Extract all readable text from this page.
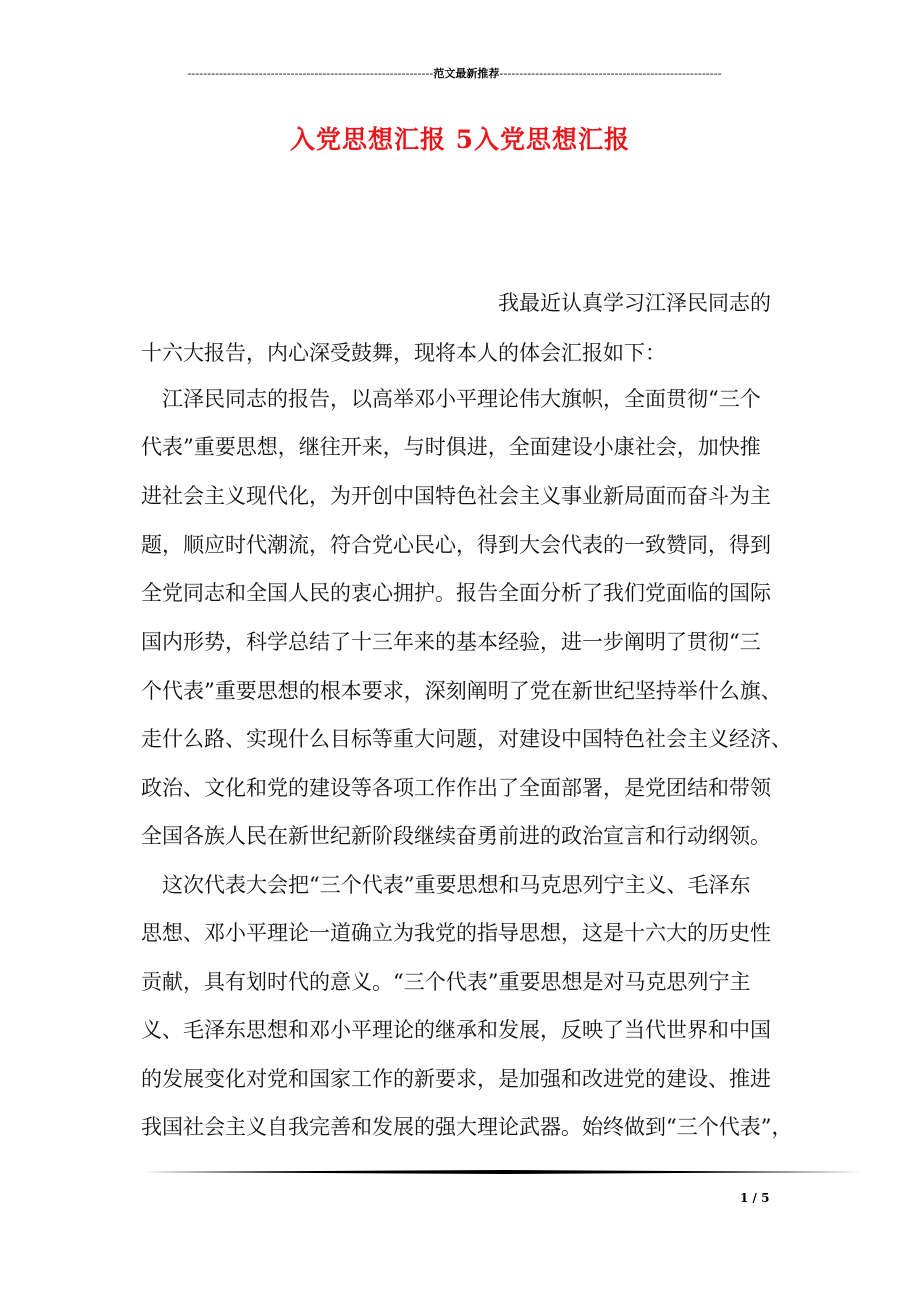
--------------------------------------------------------------范文最新推荐--------------------------------------------------------
入党思想汇报 5入党思想汇报
我最近认真学习江泽民同志的
十六大报告，内心深受鼓舞，现将本人的体会汇报如下：
江泽民同志的报告，以高举邓小平理论伟大旗帜，全面贯彻“三个
代表”重要思想，继往开来，与时俱进，全面建设小康社会，加快推
进社会主义现代化，为开创中国特色社会主义事业新局面而奋斗为主
题，顺应时代潮流，符合党心民心，得到大会代表的一致赞同，得到
全党同志和全国人民的衷心拥护。报告全面分析了我们党面临的国际
国内形势，科学总结了十三年来的基本经验，进一步阐明了贯彻“三
个代表”重要思想的根本要求，深刻阐明了党在新世纪坚持举什么旗、
走什么路、实现什么目标等重大问题，对建设中国特色社会主义经济、
政治、文化和党的建设等各项工作作出了全面部署，是党团结和带领
全国各族人民在新世纪新阶段继续奋勇前进的政治宣言和行动纲领。
这次代表大会把“三个代表”重要思想和马克思列宁主义、毛泽东
思想、邓小平理论一道确立为我党的指导思想，这是十六大的历史性
贡献，具有划时代的意义。“三个代表”重要思想是对马克思列宁主
义、毛泽东思想和邓小平理论的继承和发展，反映了当代世界和中国
的发展变化对党和国家工作的新要求，是加强和改进党的建设、推进
我国社会主义自我完善和发展的强大理论武器。始终做到“三个代表”，
1 / 5
